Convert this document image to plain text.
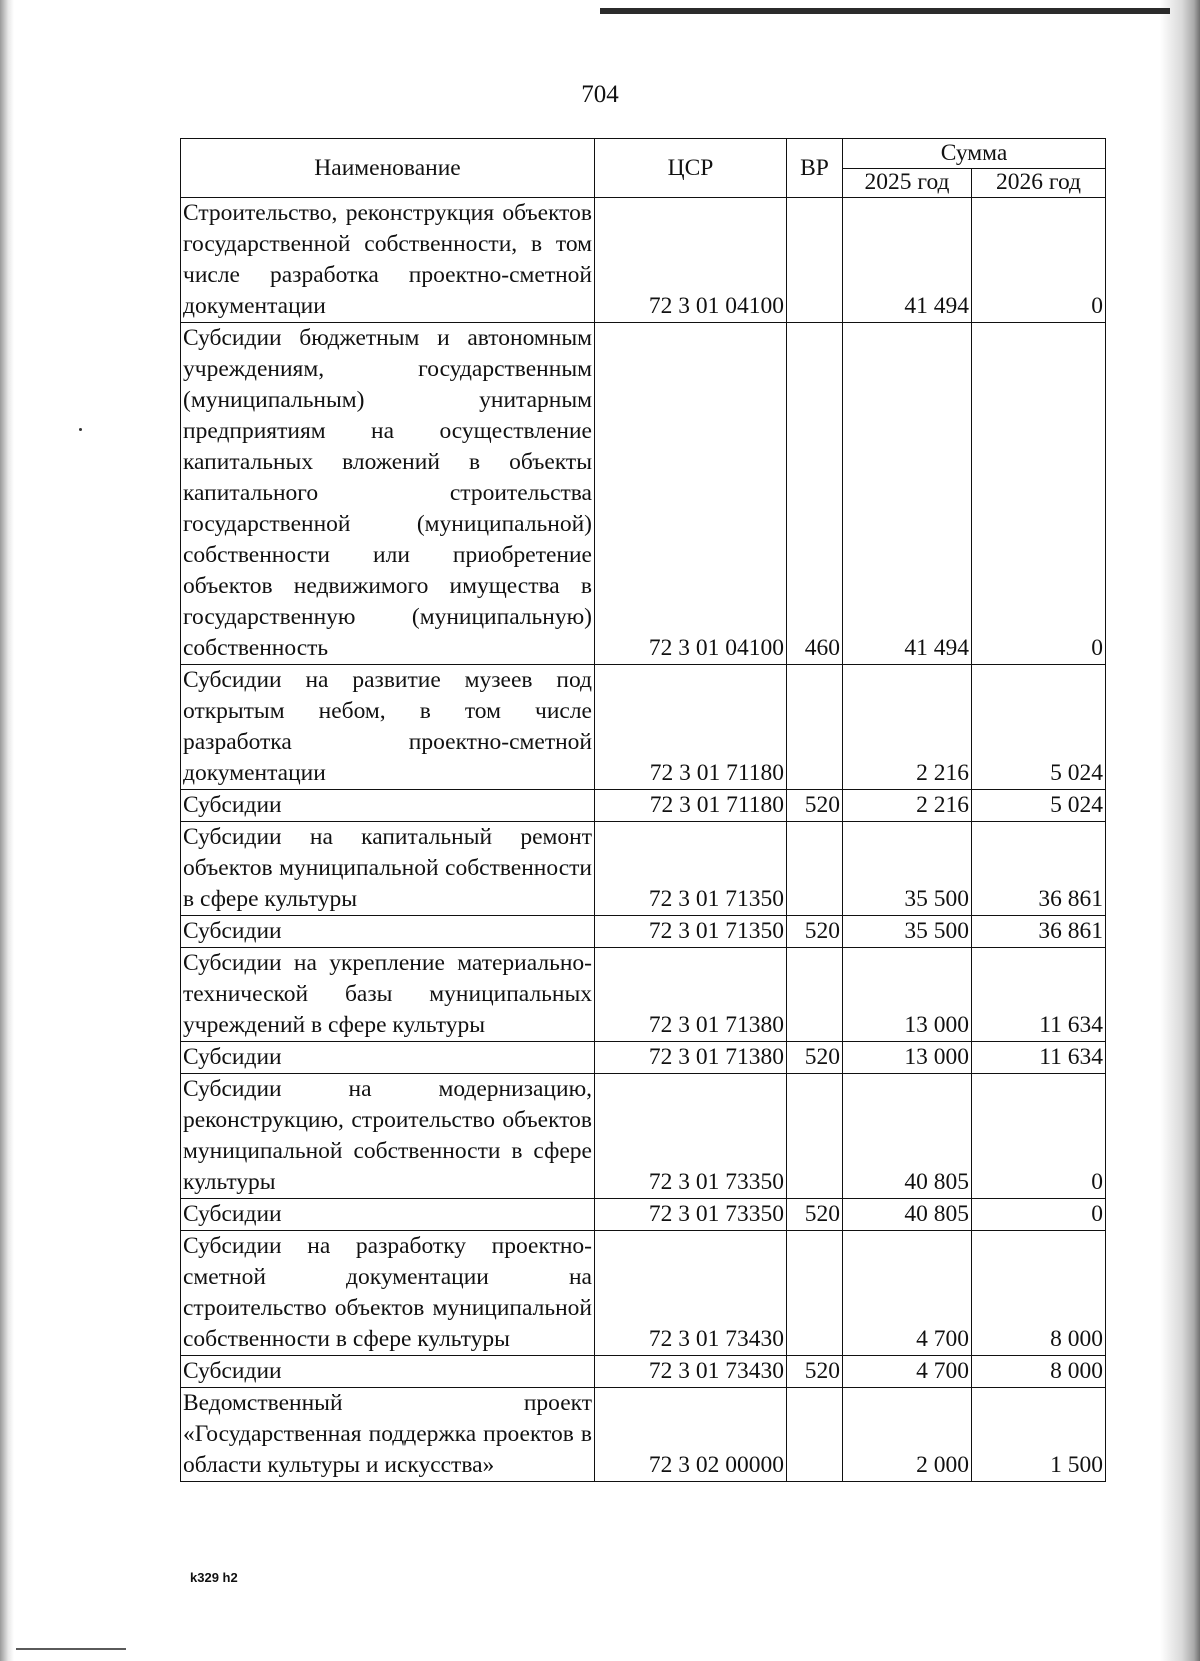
704
Наименование	ЦСР	ВР	Сумма	
			2025 год	2026 год
Строительство, реконструкция объектов государственной собственности, в том числе разработка проектно-сметной документации	72 3 01 04100		41 494	0
Субсидии бюджетным и автономным учреждениям, государственным (муниципальным) унитарным предприятиям на осуществление капитальных вложений в объекты капитального строительства государственной (муниципальной) собственности или приобретение объектов недвижимого имущества в государственную (муниципальную) собственность	72 3 01 04100	460	41 494	0
Субсидии на развитие музеев под открытым небом, в том числе разработка проектно-сметной документации	72 3 01 71180		2 216	5 024
Субсидии	72 3 01 71180	520	2 216	5 024
Субсидии на капитальный ремонт объектов муниципальной собственности в сфере культуры	72 3 01 71350		35 500	36 861
Субсидии	72 3 01 71350	520	35 500	36 861
Субсидии на укрепление материально-технической базы муниципальных учреждений в сфере культуры	72 3 01 71380		13 000	11 634
Субсидии	72 3 01 71380	520	13 000	11 634
Субсидии на модернизацию, реконструкцию, строительство объектов муниципальной собственности в сфере культуры	72 3 01 73350		40 805	0
Субсидии	72 3 01 73350	520	40 805	0
Субсидии на разработку проектно-сметной документации на строительство объектов муниципальной собственности в сфере культуры	72 3 01 73430		4 700	8 000
Субсидии	72 3 01 73430	520	4 700	8 000
Ведомственный проект «Государственная поддержка проектов в области культуры и искусства»	72 3 02 00000		2 000	1 500
k329 h2
